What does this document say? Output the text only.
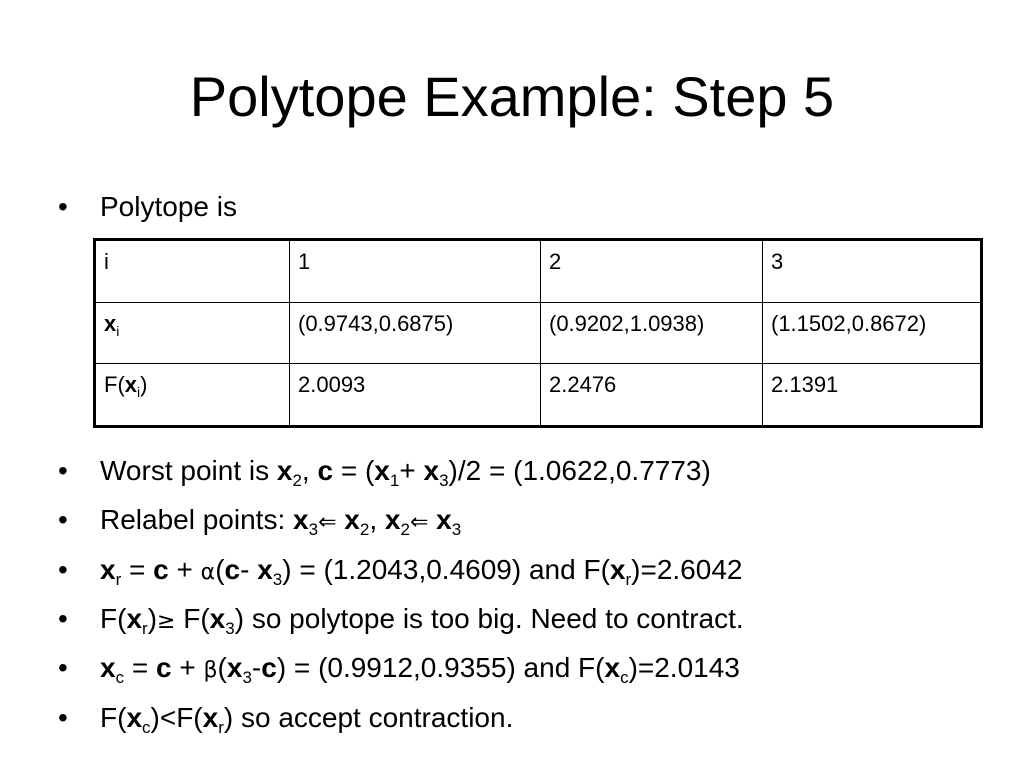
Polytope Example: Step 5
•	Polytope is
i	1	2	3
$x_i$	(0.9743,0.6875)	(0.9202,1.0938)	(1.1502,0.8672)
$F(x_i)$	2.0093	2.2476	2.1391
•	Worst point is $x_2$, $c = (x_1+ x_3)/2 = (1.0622,0.7773)$
•	Relabel points: $x_3⇐$ $x_2$, $x_2⇐$ $x_3$
•	$x_r = c + \alpha(c-$ $x_3) = (1.2043,0.4609)$ and $F(x_r)=2.6042$
•	$F(x_r)\ge F(x_3)$ so polytope is too big. Need to contract.
•	$x_c = c + \beta(x_3-c) = (0.9912,0.9355)$ and $F(x_c)=2.0143$
•	$F(x_c)<F(x_r)$ so accept contraction.
